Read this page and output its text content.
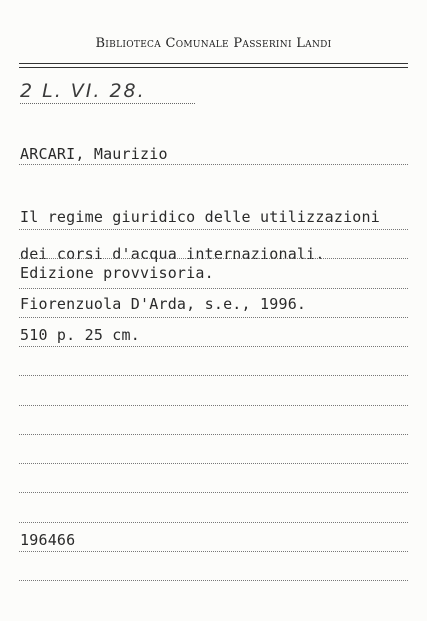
Biblioteca Comunale Passerini Landi
2 L. VI. 28.
ARCARI, Maurizio
Il regime giuridico delle utilizzazioni
dei corsi d'acqua internazionali.
Edizione provvisoria.
Fiorenzuola D'Arda, s.e., 1996.
510 p. 25 cm.
196466
